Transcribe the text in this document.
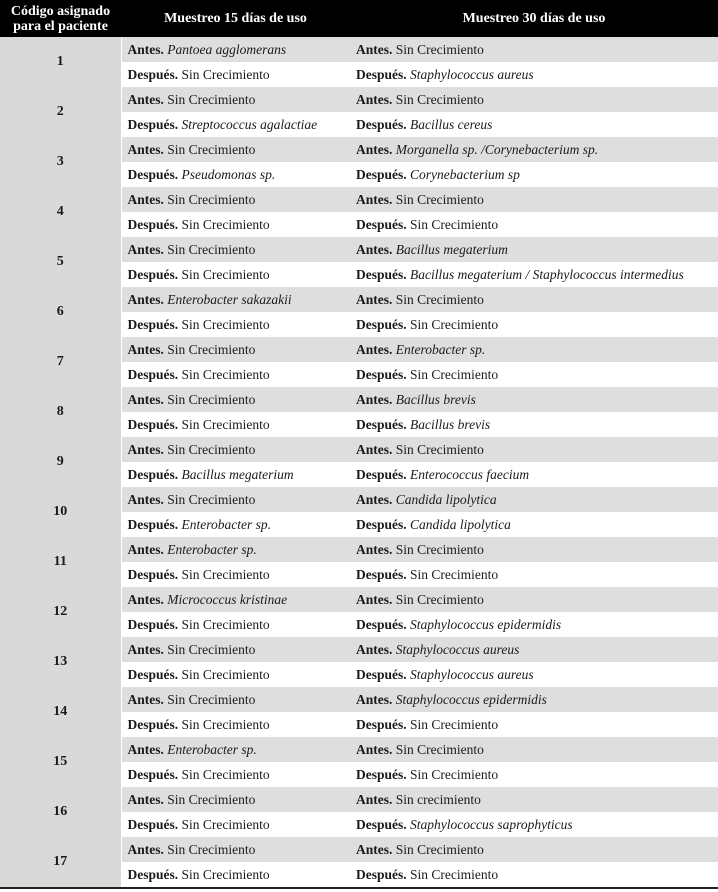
Código asignado para el paciente	Muestreo 15 días de uso	Muestreo 30 días de uso
1	Antes. Pantoea agglomerans	Antes. Sin Crecimiento
	Después. Sin Crecimiento	Después. Staphylococcus aureus
2	Antes. Sin Crecimiento	Antes. Sin Crecimiento
	Después. Streptococcus agalactiae	Después. Bacillus cereus
3	Antes. Sin Crecimiento	Antes. Morganella sp. /Corynebacterium sp.
	Después. Pseudomonas sp.	Después. Corynebacterium sp
4	Antes. Sin Crecimiento	Antes. Sin Crecimiento
	Después. Sin Crecimiento	Después. Sin Crecimiento
5	Antes. Sin Crecimiento	Antes. Bacillus megaterium
	Después. Sin Crecimiento	Después. Bacillus megaterium / Staphylococcus intermedius
6	Antes. Enterobacter sakazakii	Antes. Sin Crecimiento
	Después. Sin Crecimiento	Después. Sin Crecimiento
7	Antes. Sin Crecimiento	Antes. Enterobacter sp.
	Después. Sin Crecimiento	Después. Sin Crecimiento
8	Antes. Sin Crecimiento	Antes. Bacillus brevis
	Después. Sin Crecimiento	Después. Bacillus brevis
9	Antes. Sin Crecimiento	Antes. Sin Crecimiento
	Después. Bacillus megaterium	Después. Enterococcus faecium
10	Antes. Sin Crecimiento	Antes. Candida lipolytica
	Después. Enterobacter sp.	Después. Candida lipolytica
11	Antes. Enterobacter sp.	Antes. Sin Crecimiento
	Después. Sin Crecimiento	Después. Sin Crecimiento
12	Antes. Micrococcus kristinae	Antes. Sin Crecimiento
	Después. Sin Crecimiento	Después. Staphylococcus epidermidis
13	Antes. Sin Crecimiento	Antes. Staphylococcus aureus
	Después. Sin Crecimiento	Después. Staphylococcus aureus
14	Antes. Sin Crecimiento	Antes. Staphylococcus epidermidis
	Después. Sin Crecimiento	Después. Sin Crecimiento
15	Antes. Enterobacter sp.	Antes. Sin Crecimiento
	Después. Sin Crecimiento	Después. Sin Crecimiento
16	Antes. Sin Crecimiento	Antes. Sin crecimiento
	Después. Sin Crecimiento	Después. Staphylococcus saprophyticus
17	Antes. Sin Crecimiento	Antes. Sin Crecimiento
	Después. Sin Crecimiento	Después. Sin Crecimiento
